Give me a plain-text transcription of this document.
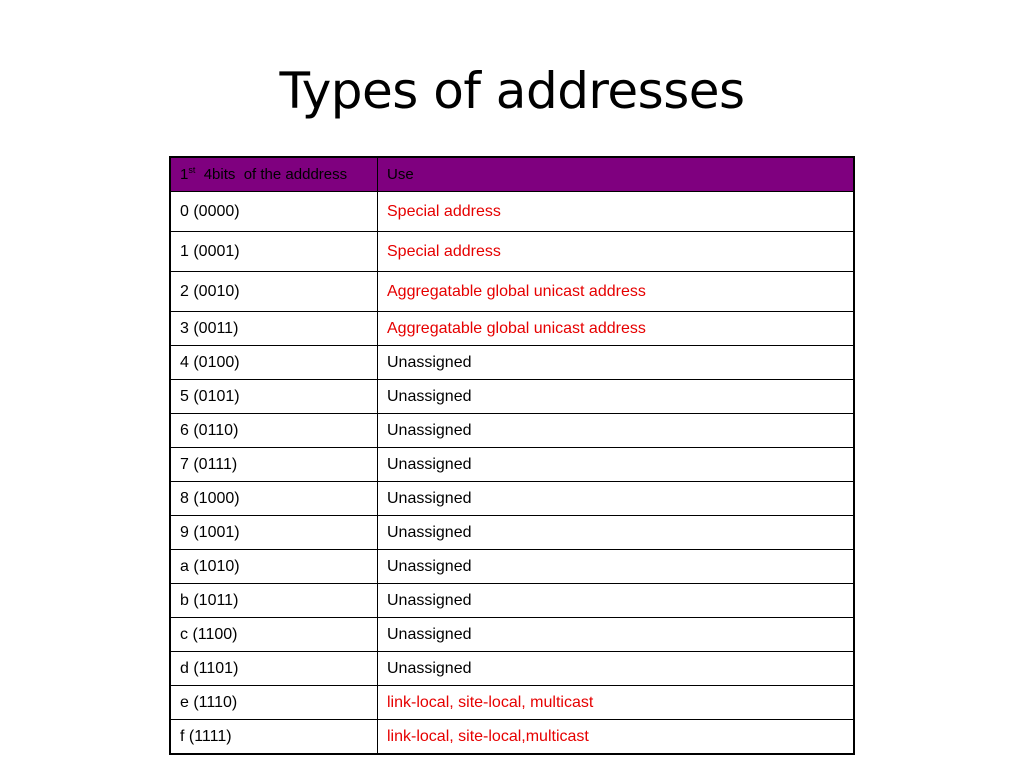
Types of addresses
1st  4bits  of the adddress	Use
0 (0000)	Special address
1 (0001)	Special address
2 (0010)	Aggregatable global unicast address
3 (0011)	Aggregatable global unicast address
4 (0100)	Unassigned
5 (0101)	Unassigned
6 (0110)	Unassigned
7 (0111)	Unassigned
8 (1000)	Unassigned
9 (1001)	Unassigned
a (1010)	Unassigned
b (1011)	Unassigned
c (1100)	Unassigned
d (1101)	Unassigned
e (1110)	link-local, site-local, multicast
f (1111)	link-local, site-local,multicast
